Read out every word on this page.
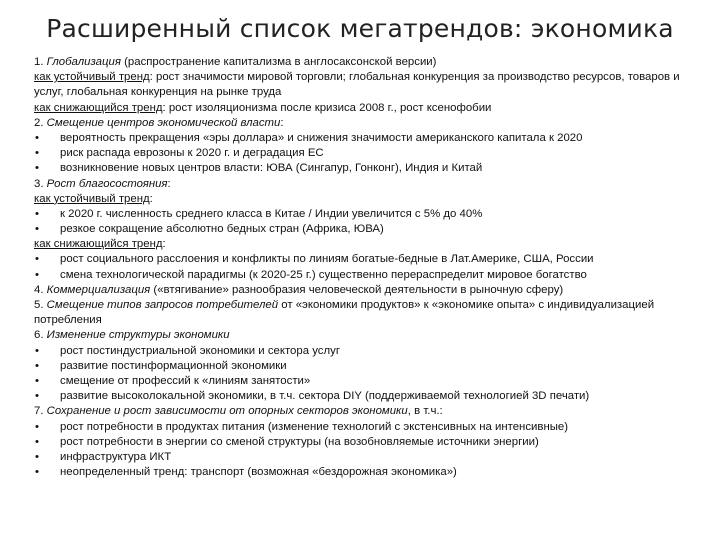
Расширенный список мегатрендов: экономика
1. Глобализация (распространение капитализма в англосаксонской версии)
как устойчивый тренд: рост значимости мировой торговли; глобальная конкуренция за производство ресурсов, товаров и услуг, глобальная конкуренция на рынке труда
как снижающийся тренд: рост изоляционизма после кризиса 2008 г., рост ксенофобии
2. Смещение центров экономической власти:
• вероятность прекращения «эры доллара» и снижения значимости американского капитала к 2020
• риск распада еврозоны к 2020 г. и деградация ЕС
• возникновение новых центров власти: ЮВА (Сингапур, Гонконг), Индия и Китай
3. Рост благосостояния:
как устойчивый тренд:
• к 2020 г. численность среднего класса в Китае / Индии увеличится с 5% до 40%
• резкое сокращение абсолютно бедных стран (Африка, ЮВА)
как снижающийся тренд:
• рост социального расслоения и конфликты по линиям богатые-бедные в Лат.Америке, США, России
• смена технологической парадигмы (к 2020-25 г.) существенно перераспределит мировое богатство
4. Коммерциализация («втягивание» разнообразия человеческой деятельности в рыночную сферу)
5. Смещение типов запросов потребителей от «экономики продуктов» к «экономике опыта» с индивидуализацией потребления
6. Изменение структуры экономики
• рост постиндустриальной экономики и сектора услуг
• развитие постинформационной экономики
• смещение от профессий к «линиям занятости»
• развитие высоколокальной экономики, в т.ч. сектора DIY (поддерживаемой технологией 3D печати)
7. Сохранение и рост зависимости от опорных секторов экономики, в т.ч.:
• рост потребности в продуктах питания (изменение технологий с экстенсивных на интенсивные)
• рост потребности в энергии со сменой структуры (на возобновляемые источники энергии)
• инфраструктура ИКТ
• неопределенный тренд: транспорт (возможная «бездорожная экономика»)
